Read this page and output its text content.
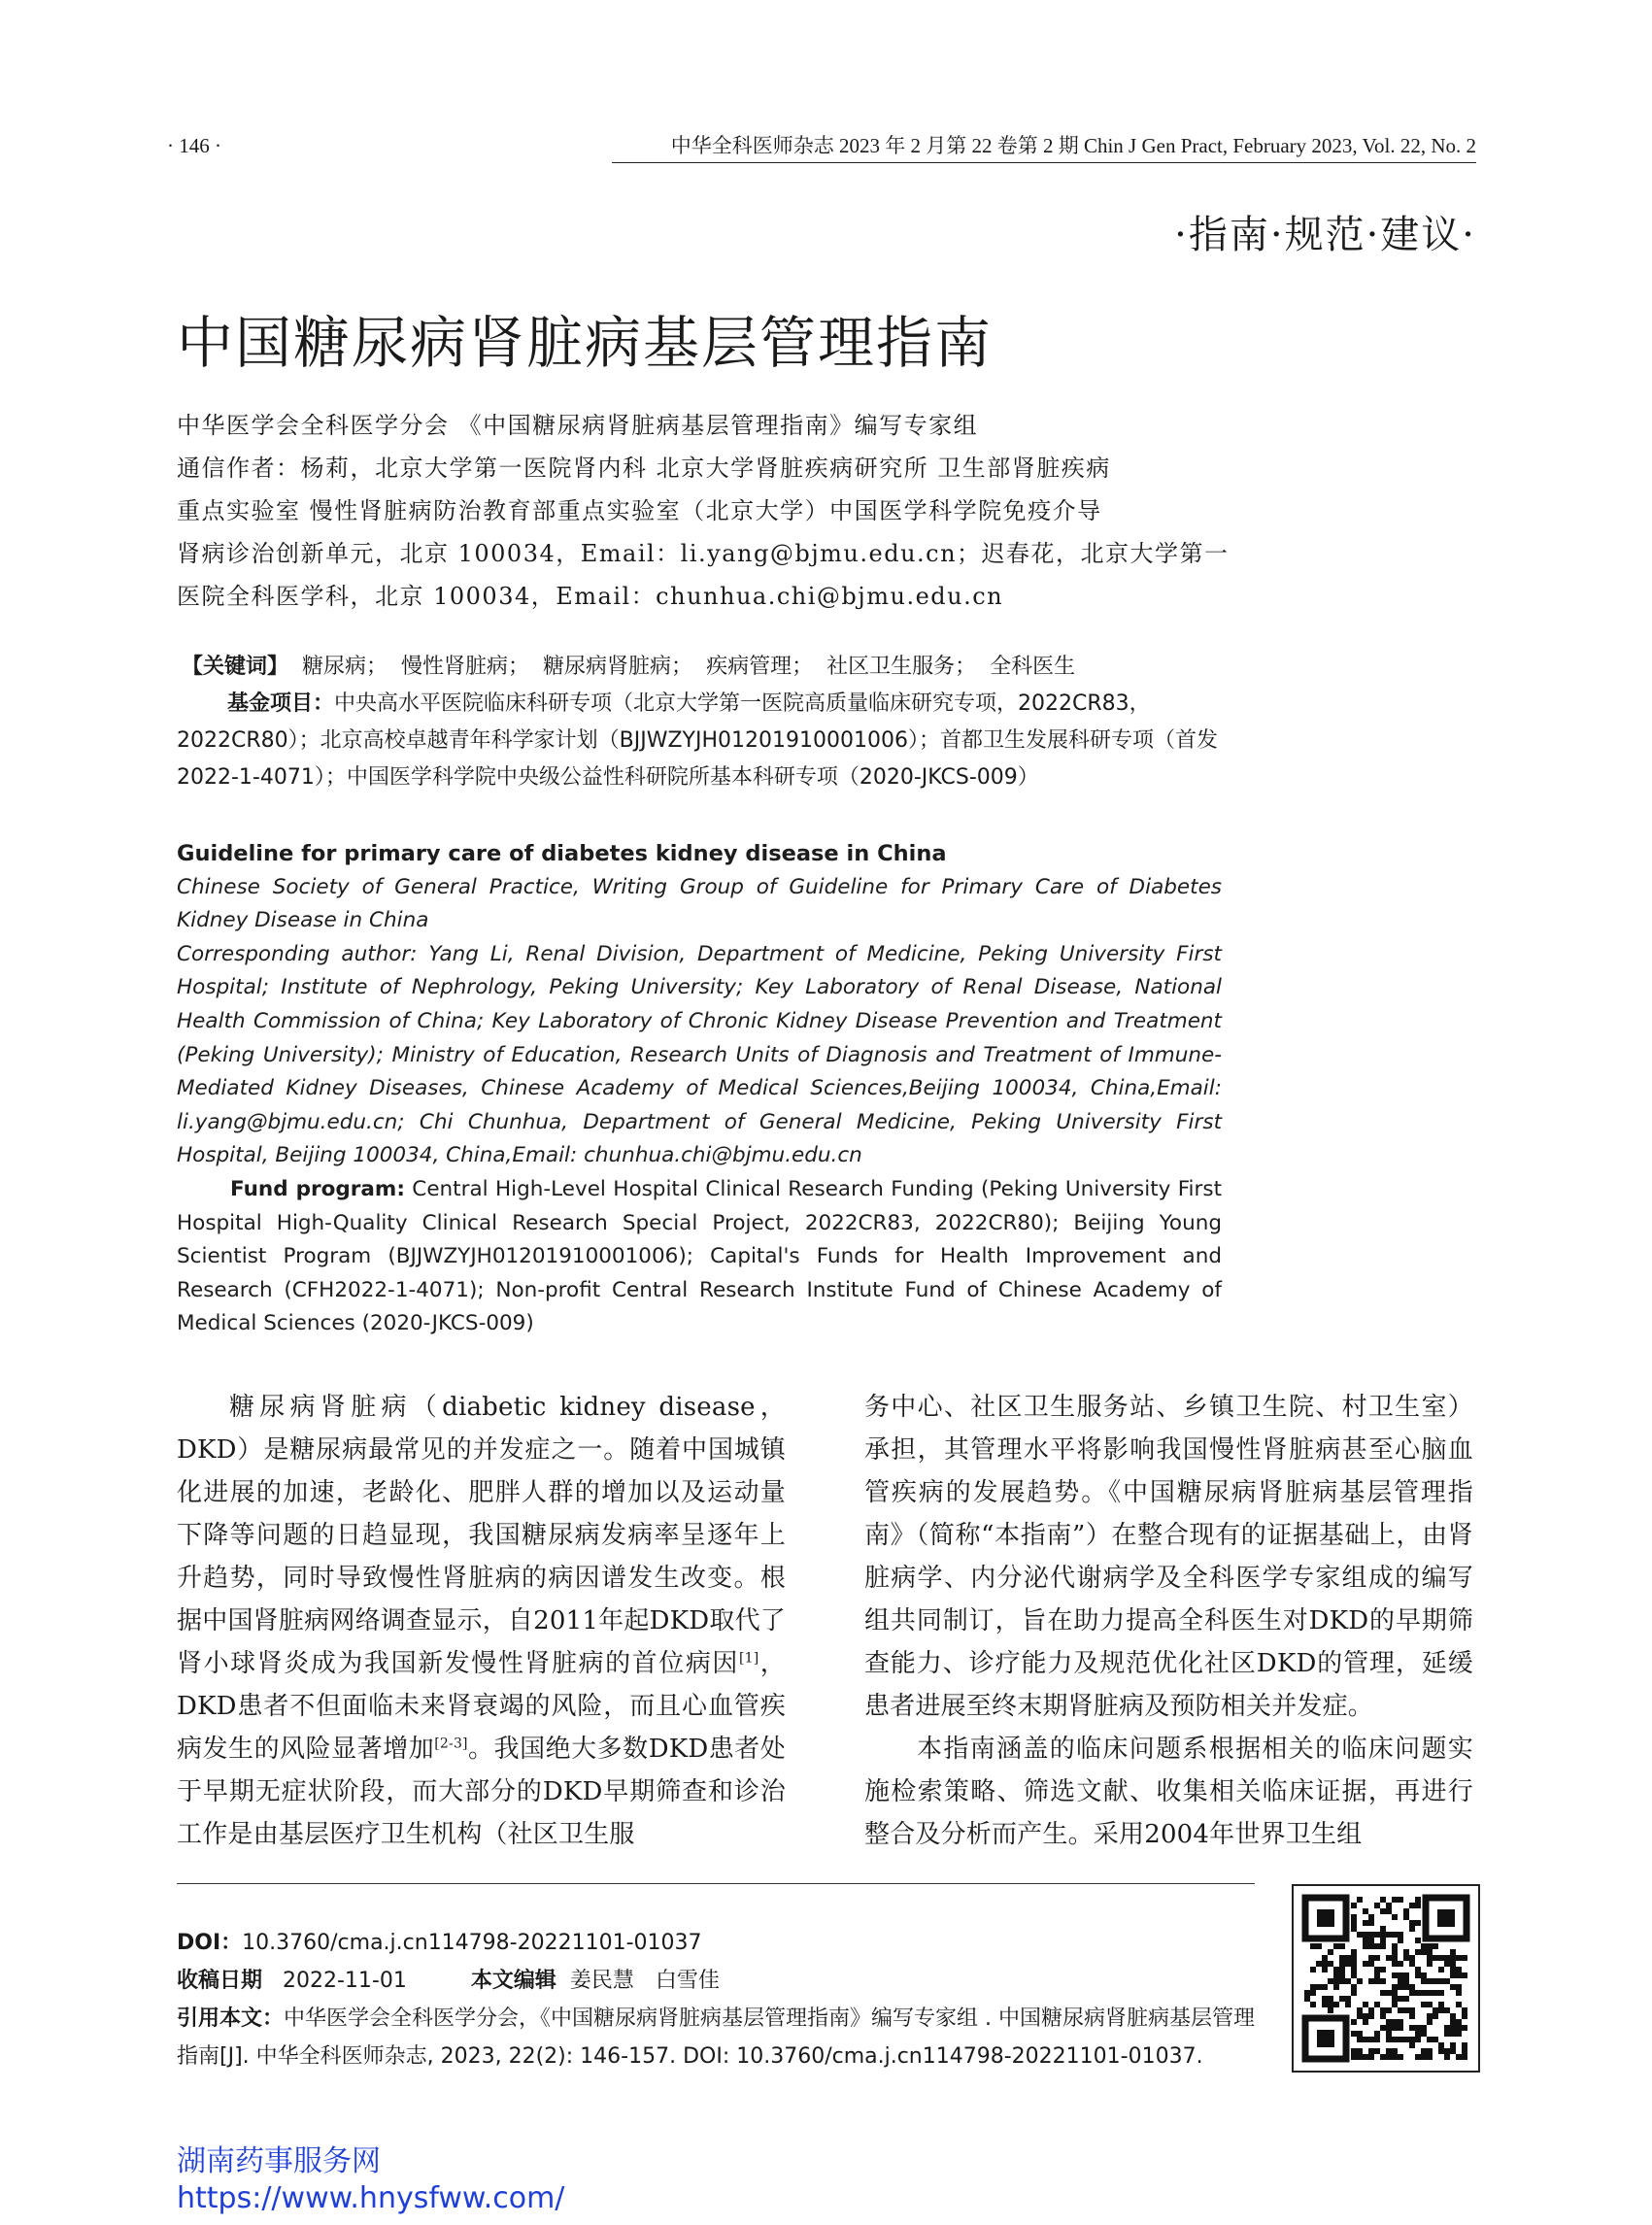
· 146 ·	中华全科医师杂志 2023 年 2 月第 22 卷第 2 期 Chin J Gen Pract, February 2023, Vol. 22, No. 2
·指南·规范·建议·
中国糖尿病肾脏病基层管理指南
中华医学会全科医学分会 《中国糖尿病肾脏病基层管理指南》编写专家组
通信作者：杨莉，北京大学第一医院肾内科 北京大学肾脏疾病研究所 卫生部肾脏疾病
重点实验室 慢性肾脏病防治教育部重点实验室（北京大学）中国医学科学院免疫介导
肾病诊治创新单元，北京 100034，Email：li.yang@bjmu.edu.cn；迟春花，北京大学第一
医院全科医学科，北京 100034，Email：chunhua.chi@bjmu.edu.cn
【关键词】 糖尿病； 慢性肾脏病； 糖尿病肾脏病； 疾病管理； 社区卫生服务； 全科医生
基金项目：中央高水平医院临床科研专项（北京大学第一医院高质量临床研究专项，2022CR83，2022CR80）；北京高校卓越青年科学家计划（BJJWZYJH01201910001006）；首都卫生发展科研专项（首发2022-1-4071）；中国医学科学院中央级公益性科研院所基本科研专项（2020-JKCS-009）
Guideline for primary care of diabetes kidney disease in China
Chinese Society of General Practice, Writing Group of Guideline for Primary Care of Diabetes Kidney Disease in China
Corresponding author: Yang Li, Renal Division, Department of Medicine, Peking University First Hospital; Institute of Nephrology, Peking University; Key Laboratory of Renal Disease, National Health Commission of China; Key Laboratory of Chronic Kidney Disease Prevention and Treatment (Peking University); Ministry of Education, Research Units of Diagnosis and Treatment of Immune-Mediated Kidney Diseases, Chinese Academy of Medical Sciences,Beijing 100034, China,Email: li.yang@bjmu.edu.cn; Chi Chunhua, Department of General Medicine, Peking University First Hospital, Beijing 100034, China,Email: chunhua.chi@bjmu.edu.cn
Fund program: Central High-Level Hospital Clinical Research Funding (Peking University First Hospital High-Quality Clinical Research Special Project, 2022CR83, 2022CR80); Beijing Young Scientist Program (BJJWZYJH01201910001006); Capital's Funds for Health Improvement and Research (CFH2022-1-4071); Non-profit Central Research Institute Fund of Chinese Academy of Medical Sciences (2020-JKCS-009)

糖尿病肾脏病（diabetic kidney disease，DKD）是糖尿病最常见的并发症之一。随着中国城镇化进展的加速，老龄化、肥胖人群的增加以及运动量下降等问题的日趋显现，我国糖尿病发病率呈逐年上升趋势，同时导致慢性肾脏病的病因谱发生改变。根据中国肾脏病网络调查显示，自2011年起DKD取代了肾小球肾炎成为我国新发慢性肾脏病的首位病因[1]，DKD患者不但面临未来肾衰竭的风险，而且心血管疾病发生的风险显著增加[2-3]。我国绝大多数DKD患者处于早期无症状阶段，而大部分的DKD早期筛查和诊治工作是由基层医疗卫生机构（社区卫生服

务中心、社区卫生服务站、乡镇卫生院、村卫生室）承担，其管理水平将影响我国慢性肾脏病甚至心脑血管疾病的发展趋势。《中国糖尿病肾脏病基层管理指南》（简称“本指南”）在整合现有的证据基础上，由肾脏病学、内分泌代谢病学及全科医学专家组成的编写组共同制订，旨在助力提高全科医生对DKD的早期筛查能力、诊疗能力及规范优化社区DKD的管理，延缓患者进展至终末期肾脏病及预防相关并发症。

本指南涵盖的临床问题系根据相关的临床问题实施检索策略、筛选文献、收集相关临床证据，再进行整合及分析而产生。采用2004年世界卫生组

DOI：10.3760/cma.j.cn114798-20221101-01037
收稿日期 2022-11-01	本文编辑 姜民慧　白雪佳
引用本文：中华医学会全科医学分会，《中国糖尿病肾脏病基层管理指南》编写专家组 . 中国糖尿病肾脏病基层管理指南[J]. 中华全科医师杂志, 2023, 22(2): 146-157. DOI: 10.3760/cma.j.cn114798-20221101-01037.
湖南药事服务网
https://www.hnysfww.com/
